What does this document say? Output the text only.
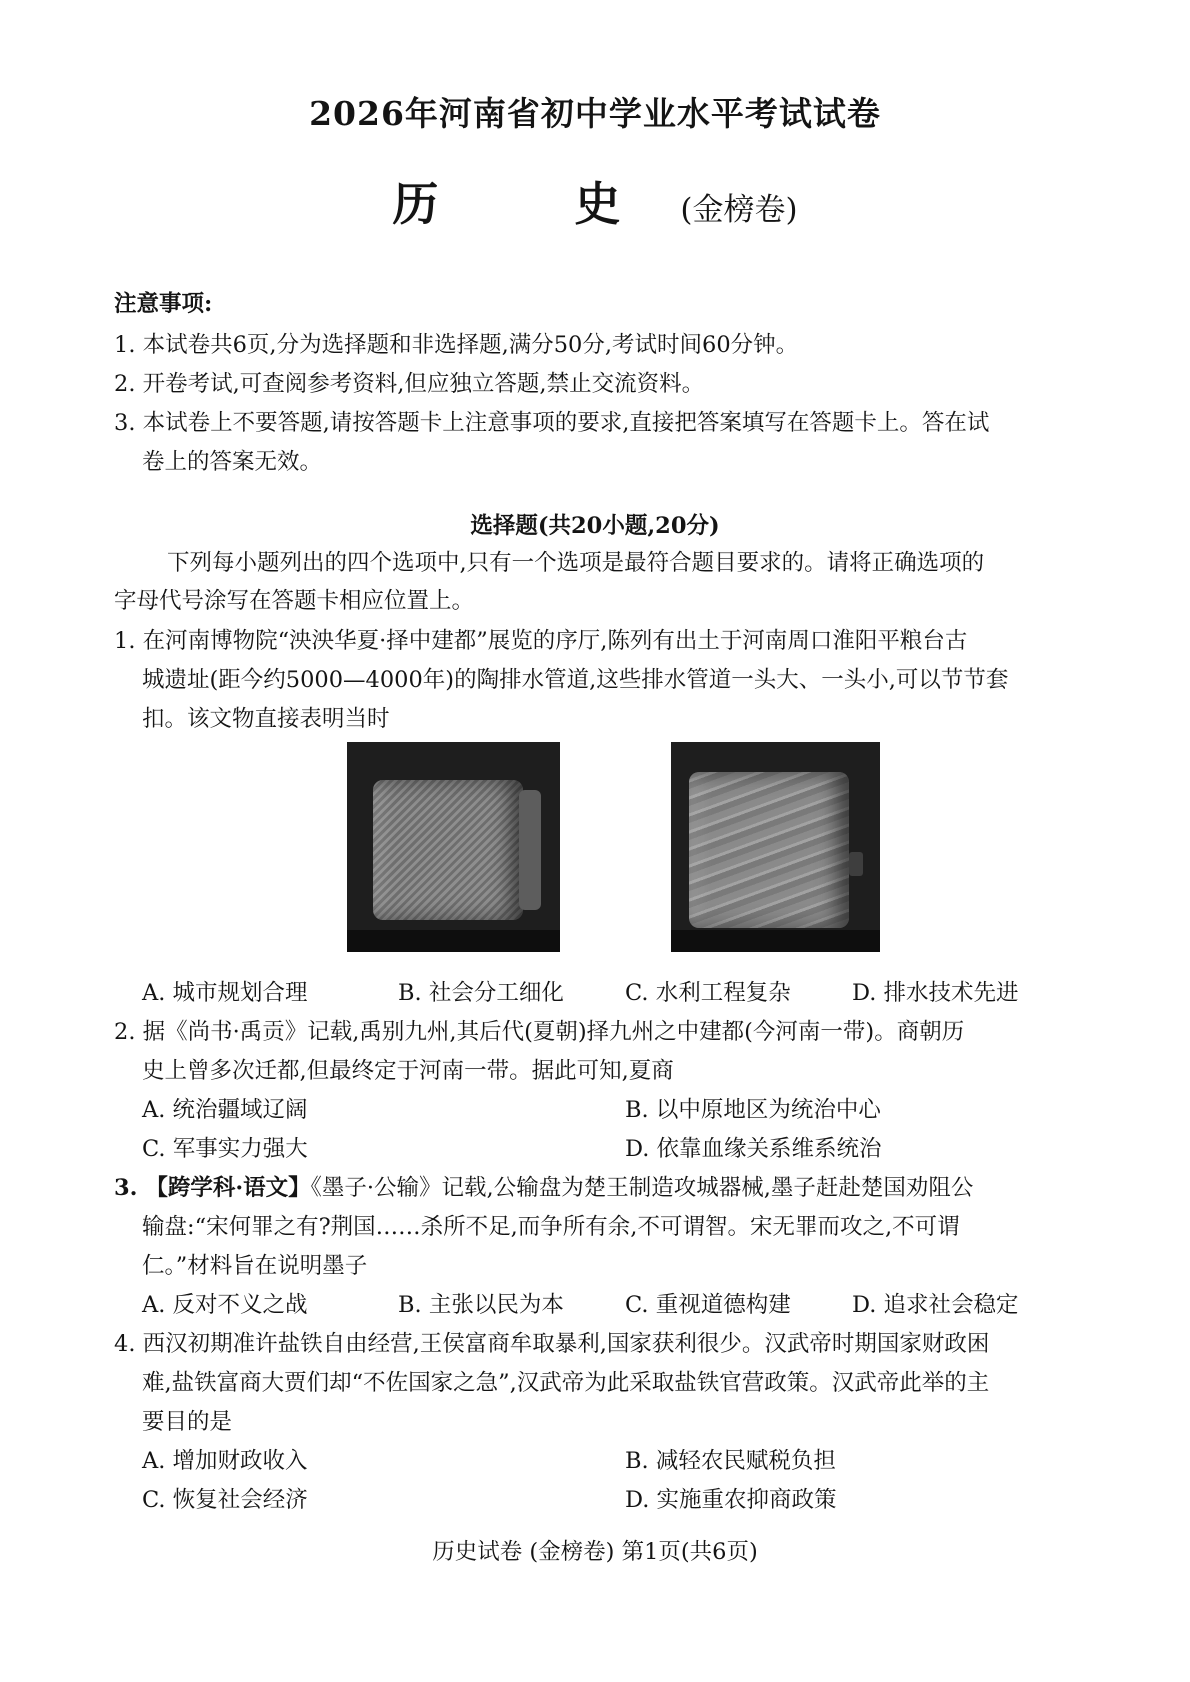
2026年河南省初中学业水平考试试卷
历 史(金榜卷)
注意事项:
1. 本试卷共6页,分为选择题和非选择题,满分50分,考试时间60分钟。
2. 开卷考试,可查阅参考资料,但应独立答题,禁止交流资料。
3. 本试卷上不要答题,请按答题卡上注意事项的要求,直接把答案填写在答题卡上。答在试
卷上的答案无效。
选择题(共20小题,20分)
下列每小题列出的四个选项中,只有一个选项是最符合题目要求的。请将正确选项的
字母代号涂写在答题卡相应位置上。
1. 在河南博物院“泱泱华夏·择中建都”展览的序厅,陈列有出土于河南周口淮阳平粮台古
城遗址(距今约5000—4000年)的陶排水管道,这些排水管道一头大、一头小,可以节节套
扣。该文物直接表明当时
A. 城市规划合理	B. 社会分工细化	C. 水利工程复杂	D. 排水技术先进
2. 据《尚书·禹贡》记载,禹别九州,其后代(夏朝)择九州之中建都(今河南一带)。商朝历
史上曾多次迁都,但最终定于河南一带。据此可知,夏商
A. 统治疆域辽阔	B. 以中原地区为统治中心
C. 军事实力强大	D. 依靠血缘关系维系统治
3. 【跨学科·语文】《墨子·公输》记载,公输盘为楚王制造攻城器械,墨子赶赴楚国劝阻公
输盘:“宋何罪之有?荆国……杀所不足,而争所有余,不可谓智。宋无罪而攻之,不可谓
仁。”材料旨在说明墨子
A. 反对不义之战	B. 主张以民为本	C. 重视道德构建	D. 追求社会稳定
4. 西汉初期准许盐铁自由经营,王侯富商牟取暴利,国家获利很少。汉武帝时期国家财政困
难,盐铁富商大贾们却“不佐国家之急”,汉武帝为此采取盐铁官营政策。汉武帝此举的主
要目的是
A. 增加财政收入	B. 减轻农民赋税负担
C. 恢复社会经济	D. 实施重农抑商政策
历史试卷 (金榜卷) 第1页(共6页)
